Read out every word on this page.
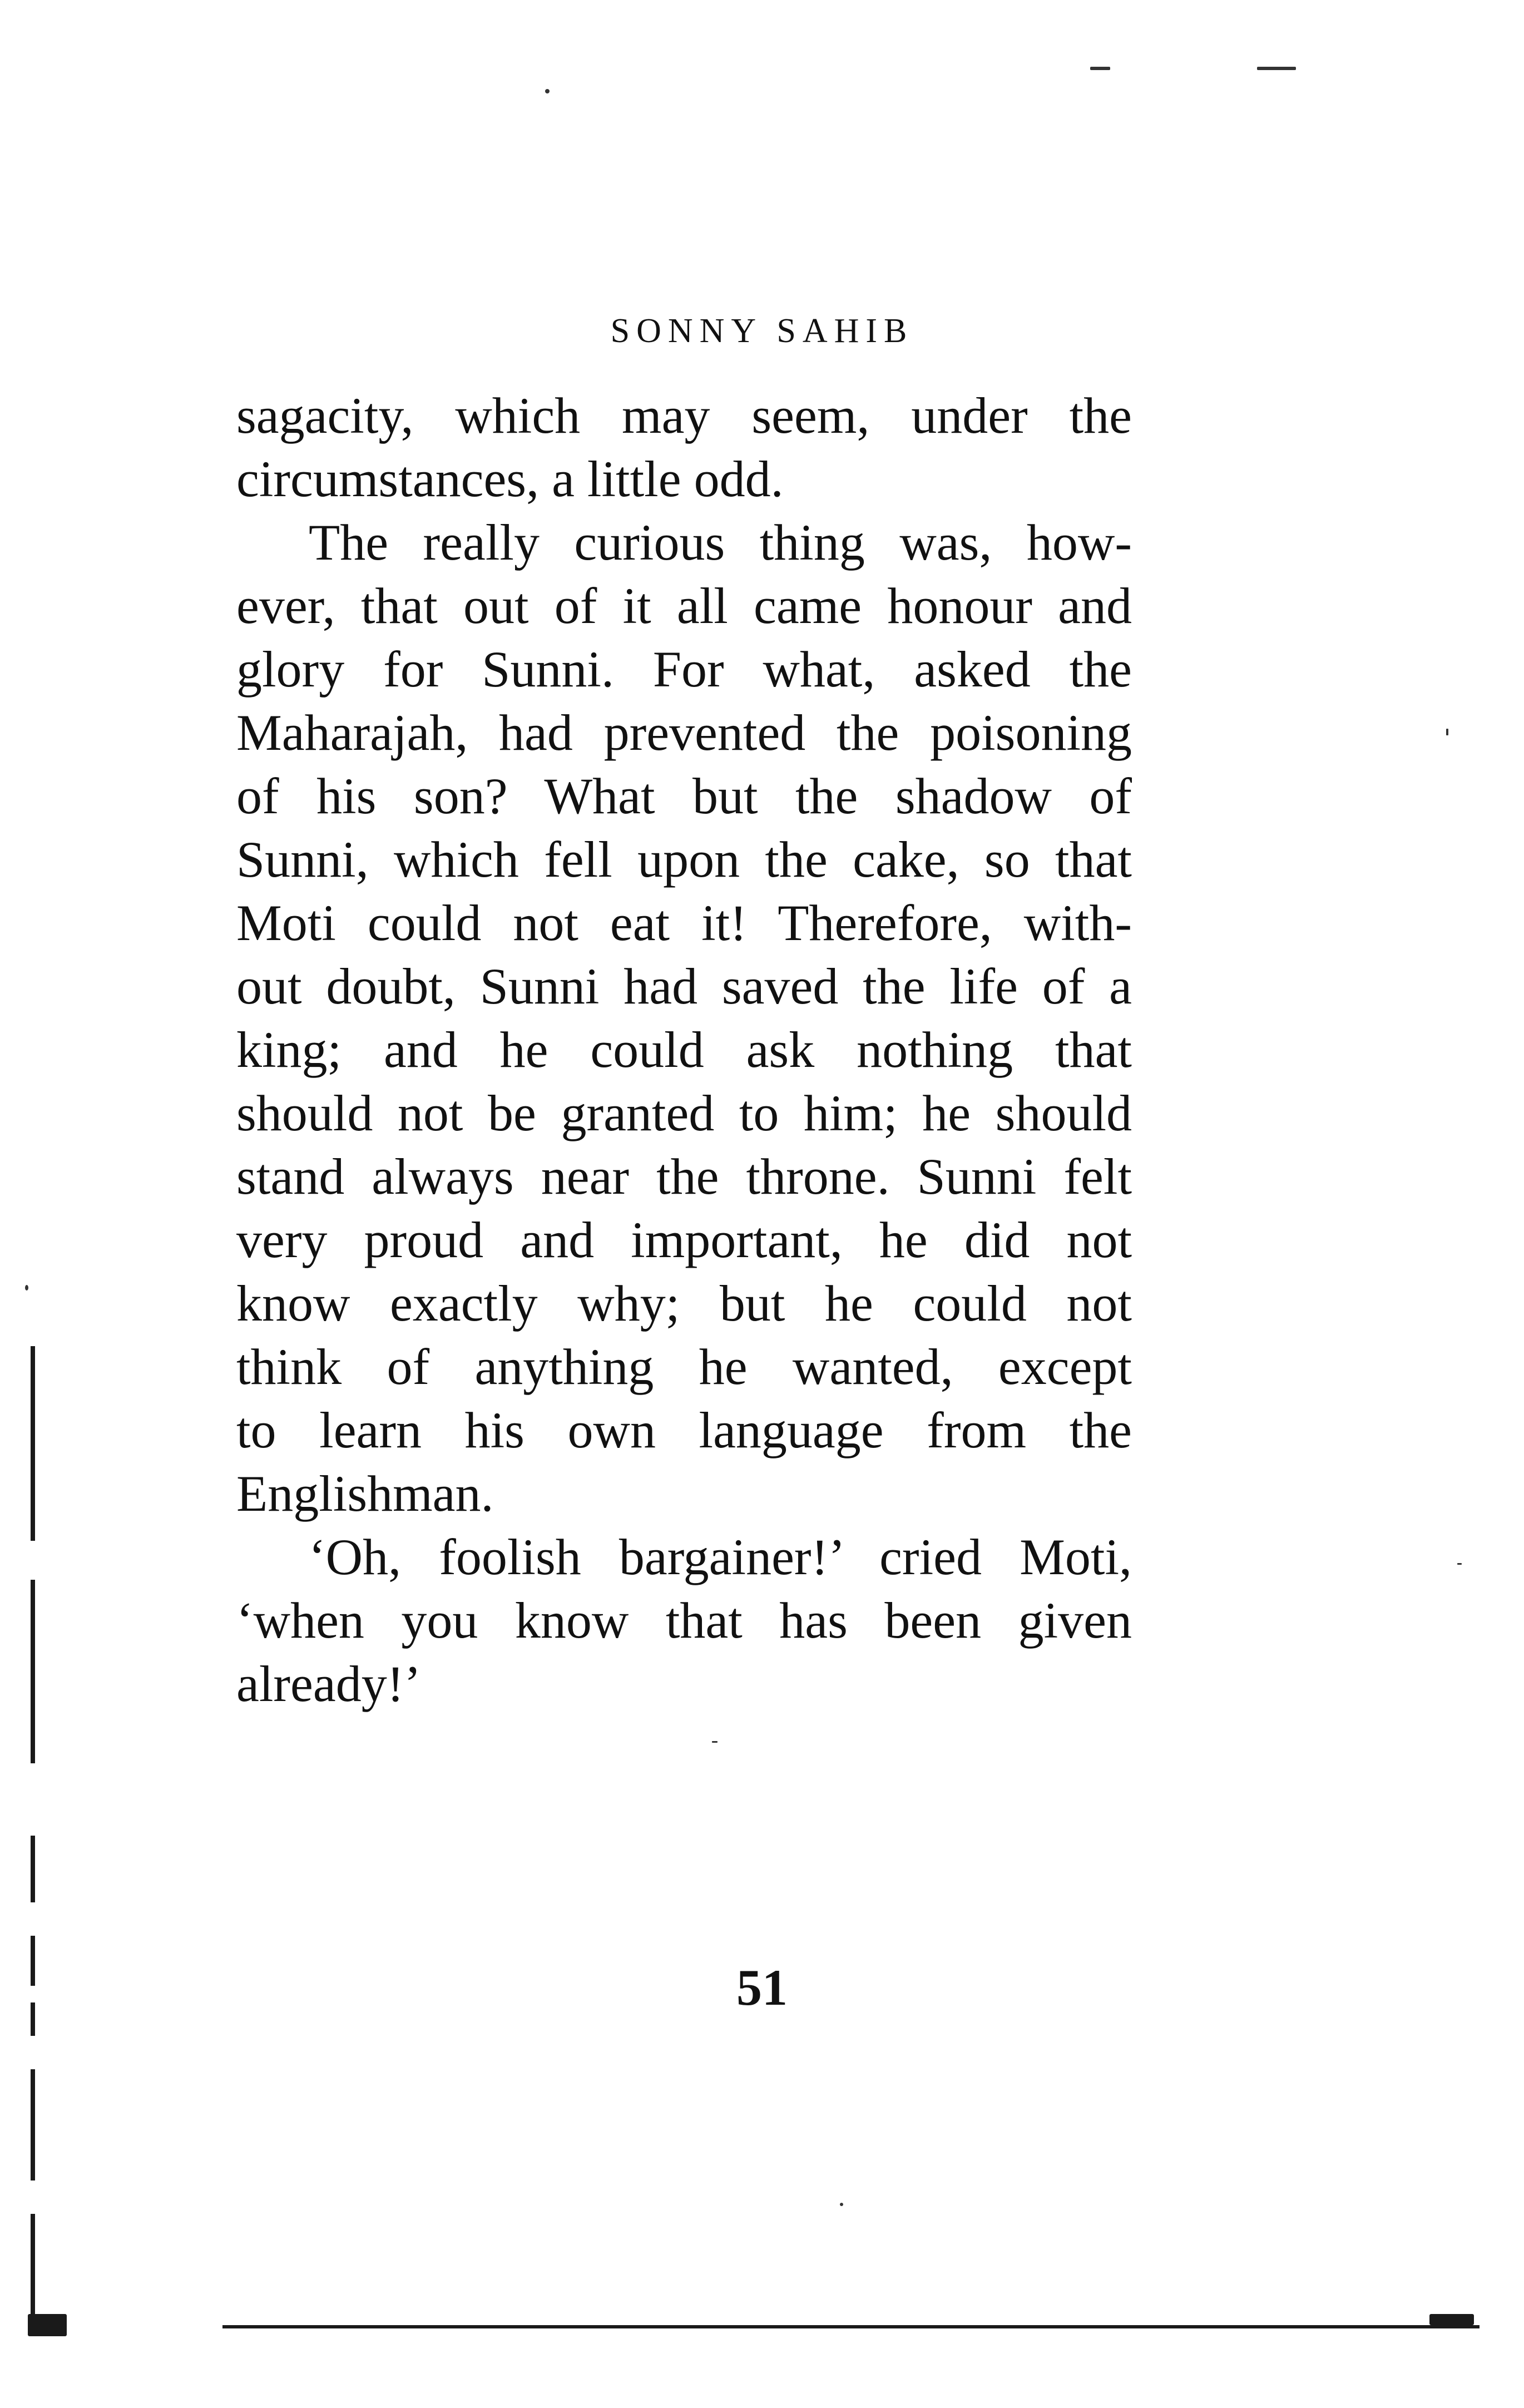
SONNY SAHIB
sagacity, which may seem, under the
circumstances, a little odd.
The really curious thing was, how-
ever, that out of it all came honour and
glory for Sunni. For what, asked the
Maharajah, had prevented the poisoning
of his son? What but the shadow of
Sunni, which fell upon the cake, so that
Moti could not eat it! Therefore, with-
out doubt, Sunni had saved the life of a
king; and he could ask nothing that
should not be granted to him; he should
stand always near the throne. Sunni felt
very proud and important, he did not
know exactly why; but he could not
think of anything he wanted, except
to learn his own language from the
Englishman.
‘Oh, foolish bargainer!’ cried Moti,
‘when you know that has been given
already!’
51
